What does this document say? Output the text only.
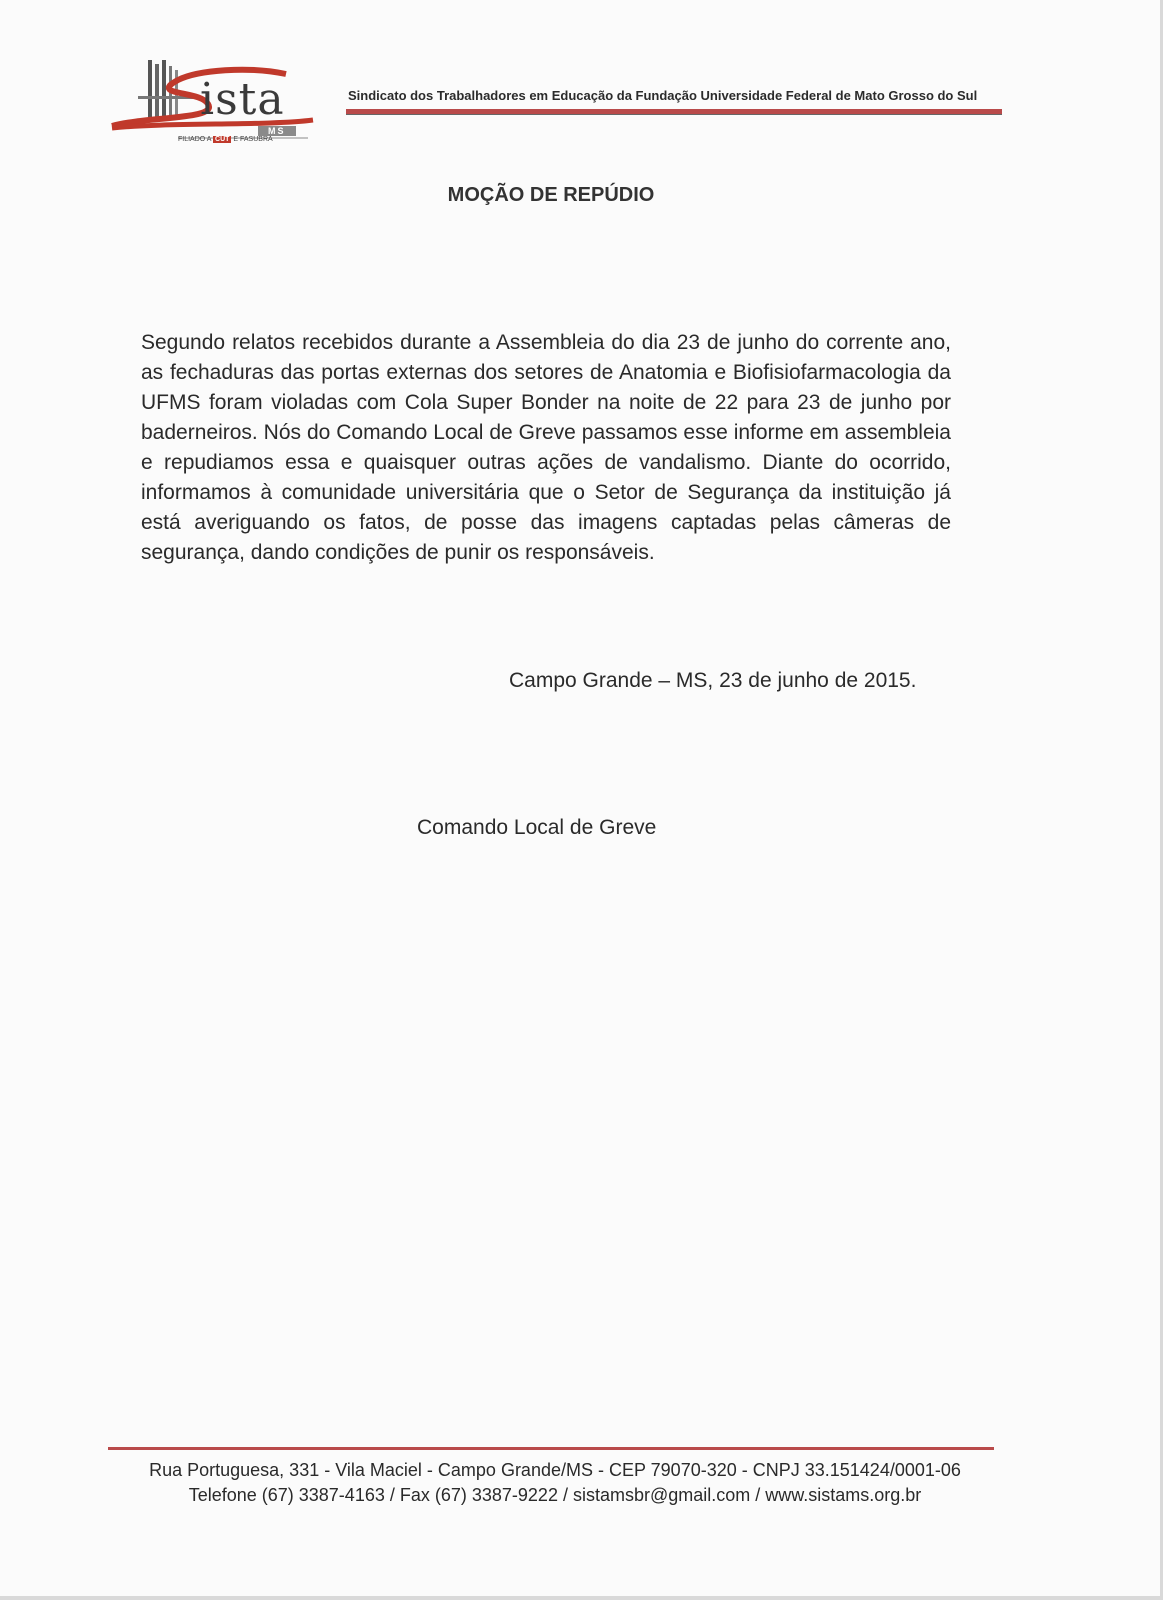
ista
MS
FILIADO A CUT E FASUBRA
Sindicato dos Trabalhadores em Educação da Fundação Universidade Federal de Mato Grosso do Sul
MOÇÃO DE REPÚDIO

Segundo relatos recebidos durante a Assembleia do dia 23 de junho do corrente ano, as fechaduras das portas externas dos setores de Anatomia e Biofisiofarmacologia da UFMS foram violadas com Cola Super Bonder na noite de 22 para 23 de junho por baderneiros. Nós do Comando Local de Greve passamos esse informe em assembleia e repudiamos essa e quaisquer outras ações de vandalismo. Diante do ocorrido, informamos à comunidade universitária que o Setor de Segurança da instituição já está averiguando os fatos, de posse das imagens captadas pelas câmeras de segurança, dando condições de punir os responsáveis.

Campo Grande – MS, 23 de junho de 2015.
Comando Local de Greve
Rua Portuguesa, 331 - Vila Maciel - Campo Grande/MS - CEP 79070-320 - CNPJ 33.151424/0001-06
Telefone (67) 3387-4163 / Fax (67) 3387-9222 / sistamsbr@gmail.com / www.sistams.org.br
